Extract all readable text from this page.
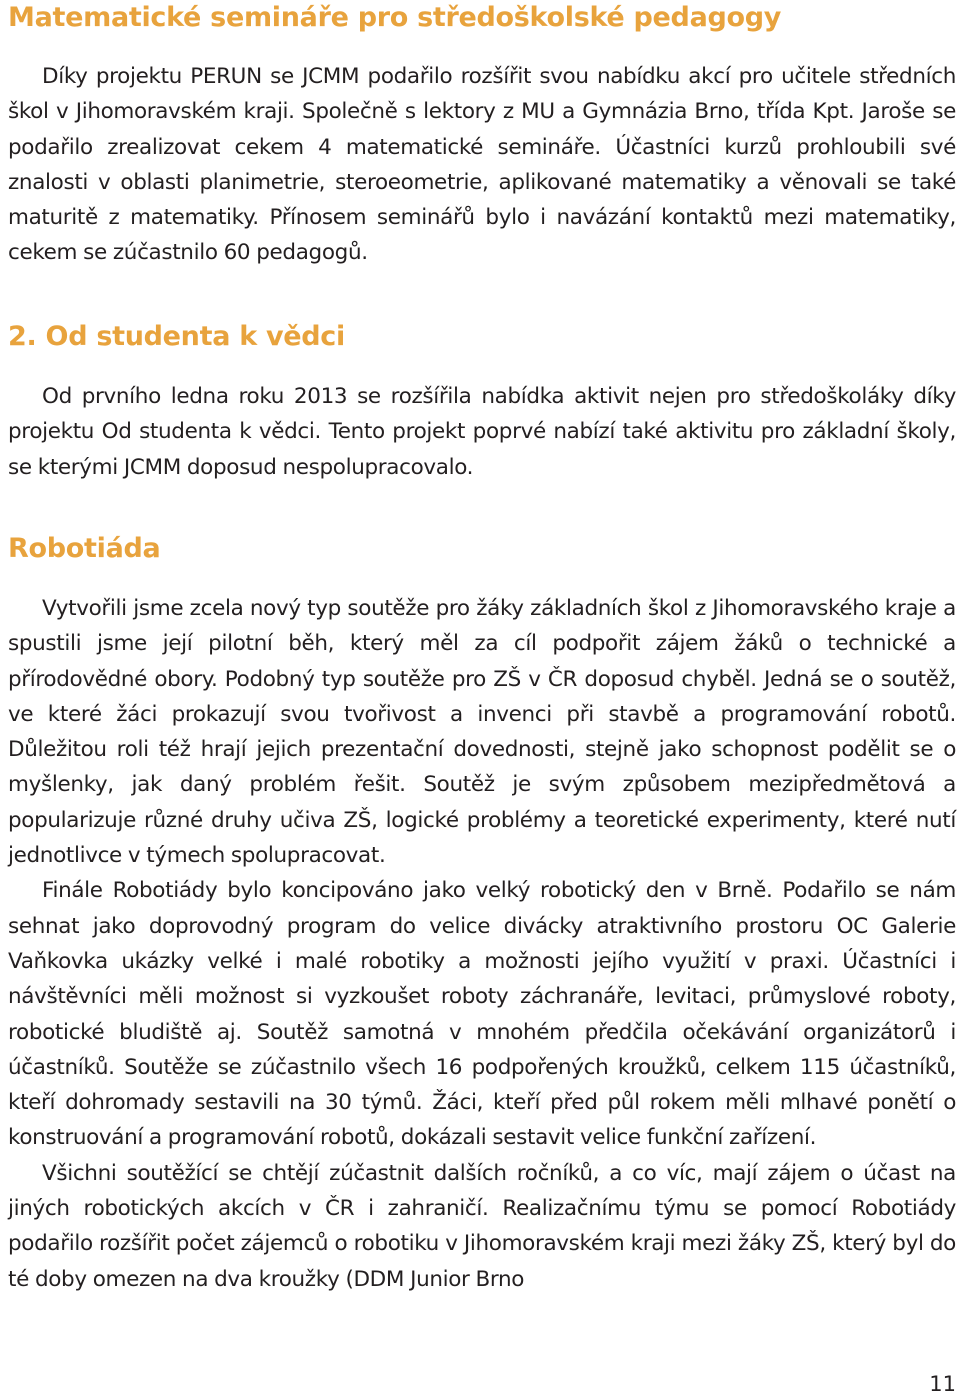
Matematické semináře pro středoškolské pedagogy

Díky projektu PERUN se JCMM podařilo rozšířit svou nabídku akcí pro učitele středních škol v Jihomoravském kraji. Společně s lektory z MU a Gymnázia Brno, třída Kpt. Jaroše se podařilo zrealizovat cekem 4 matematické semináře. Účastníci kurzů prohloubili své znalosti v oblasti planimetrie, steroeometrie, aplikované matematiky a věnovali se také maturitě z matematiky. Přínosem seminářů bylo i navázání kontaktů mezi matematiky, cekem se zúčastnilo 60 pedagogů.

2. Od studenta k vědci

Od prvního ledna roku 2013 se rozšířila nabídka aktivit nejen pro středoškoláky díky projektu Od studenta k vědci. Tento projekt poprvé nabízí také aktivitu pro základní školy, se kterými JCMM doposud nespolupracovalo.

Robotiáda

Vytvořili jsme zcela nový typ soutěže pro žáky základních škol z Jihomoravského kraje a spustili jsme její pilotní běh, který měl za cíl podpořit zájem žáků o technické a přírodovědné obory. Podobný typ soutěže pro ZŠ v ČR doposud chyběl. Jedná se o soutěž, ve které žáci prokazují svou tvořivost a invenci při stavbě a programování robotů. Důležitou roli též hrají jejich prezentační dovednosti, stejně jako schopnost podělit se o myšlenky, jak daný problém řešit. Soutěž je svým způsobem mezipředmětová a popularizuje různé druhy učiva ZŠ, logické problémy a teoretické experimenty, které nutí jednotlivce v týmech spolupracovat.

Finále Robotiády bylo koncipováno jako velký robotický den v Brně. Podařilo se nám sehnat jako doprovodný program do velice divácky atraktivního prostoru OC Galerie Vaňkovka ukázky velké i malé robotiky a možnosti jejího využití v praxi. Účastníci i návštěvníci měli možnost si vyzkoušet roboty záchranáře, levitaci, průmyslové roboty, robotické bludiště aj. Soutěž samotná v mnohém předčila očekávání organizátorů i účastníků. Soutěže se zúčastnilo všech 16 podpořených kroužků, celkem 115 účastníků, kteří dohromady sestavili na 30 týmů. Žáci, kteří před půl rokem měli mlhavé ponětí o konstruování a programování robotů, dokázali sestavit velice funkční zařízení.

Všichni soutěžící se chtějí zúčastnit dalších ročníků, a co víc, mají zájem o účast na jiných robotických akcích v ČR i zahraničí. Realizačnímu týmu se pomocí Robotiády podařilo rozšířit počet zájemců o robotiku v Jihomoravském kraji mezi žáky ZŠ, který byl do té doby omezen na dva kroužky (DDM Junior Brno

11
